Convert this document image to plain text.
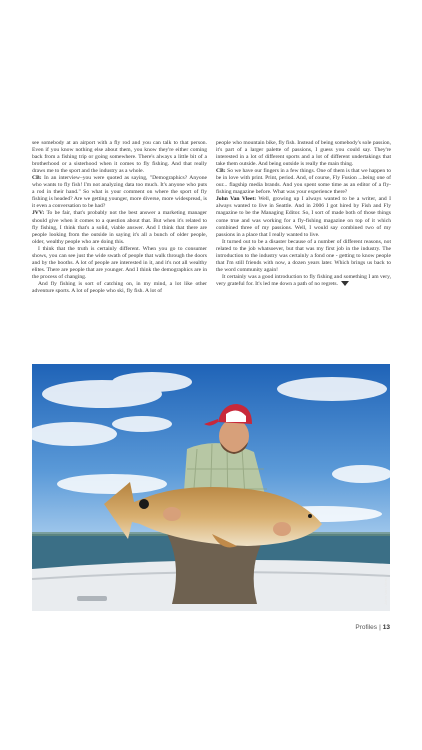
see somebody at an airport with a fly rod and you can talk to that person. Even if you know nothing else about them, you know they're either coming back from a fishing trip or going somewhere. There's always a little bit of a brotherhood or a sisterhood when it comes to fly fishing. And that really draws me to the sport and the industry as a whole.

CB: In an interview–you were quoted as saying, "Demographics? Anyone who wants to fly fish! I'm not analyzing data too much. It's anyone who puts a rod in their hand." So what is your comment on where the sport of fly fishing is headed? Are we getting younger, more diverse, more widespread, is it even a conversation to be had?

JVV: To be fair, that's probably not the best answer a marketing manager should give when it comes to a question about that. But when it's related to fly fishing, I think that's a solid, viable answer. And I think that there are people looking from the outside in saying it's all a bunch of older people, older, wealthy people who are doing this.

I think that the truth is certainly different. When you go to consumer shows, you can see just the wide swath of people that walk through the doors and by the booths. A lot of people are interested in it, and it's not all wealthy elites. There are people that are younger. And I think the demographics are in the process of changing.

And fly fishing is sort of catching on, in my mind, a lot like other adventure sports. A lot of people who ski, fly fish. A lot of

people who mountain bike, fly fish. Instead of being somebody's sole passion, it's part of a larger palette of passions, I guess you could say. They're interested in a lot of different sports and a lot of different undertakings that take them outside. And being outside is really the main thing.

CB: So we have our fingers in a few things. One of them is that we happen to be in love with print. Print, period. And, of course, Fly Fusion ...being one of our... flagship media brands. And you spent some time as an editor of a fly-fishing magazine before. What was your experience there?

John Van Vleet: Well, growing up I always wanted to be a writer, and I always wanted to live in Seattle. And in 2006 I got hired by Fish and Fly magazine to be the Managing Editor. So, I sort of made both of those things come true and was working for a fly-fishing magazine on top of it which combined three of my passions. Well, I would say combined two of my passions in a place that I really wanted to live.

It turned out to be a disaster because of a number of different reasons, not related to the job whatsoever, but that was my first job in the industry. The introduction to the industry was certainly a fond one - getting to know people that I'm still friends with now, a dozen years later. Which brings us back to the word community again!

It certainly was a good introduction to fly fishing and something I am very, very grateful for. It's led me down a path of no regrets.

John Van Vleet
Profiles | 13
